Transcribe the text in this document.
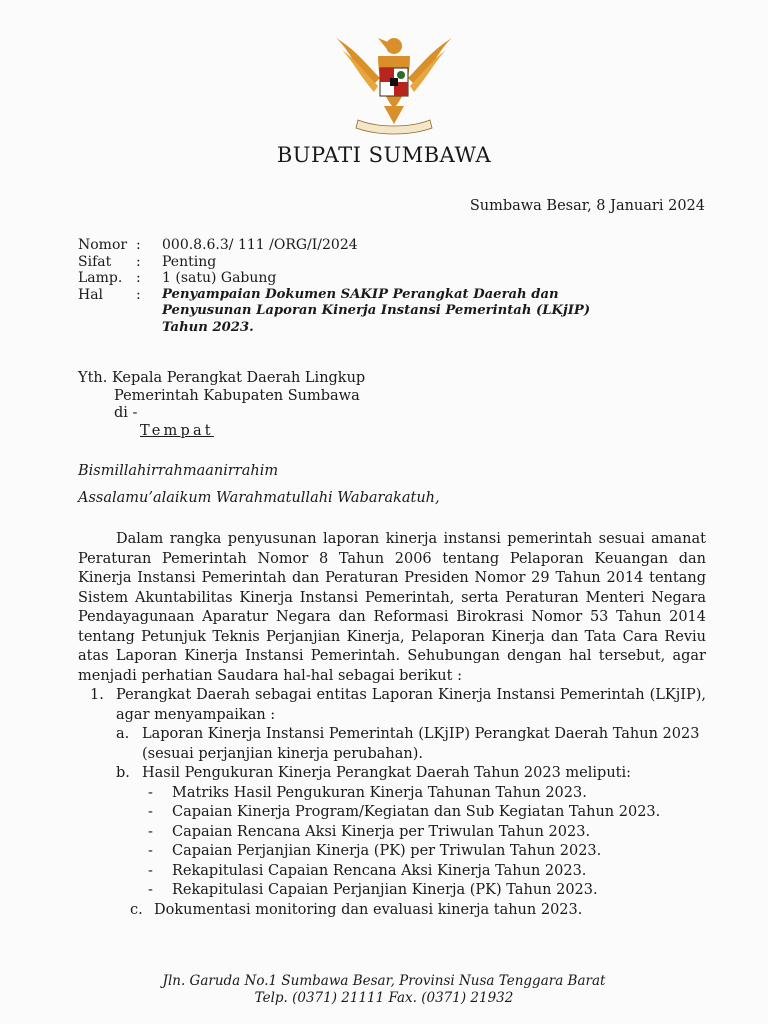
BUPATI SUMBAWA
Sumbawa Besar, 8 Januari 2024
Nomor :	000.8.6.3/ 111 /ORG/I/2024
Sifat	:	Penting
Lamp. :	1 (satu) Gabung
Hal	:	Penyampaian Dokumen SAKIP Perangkat Daerah dan Penyusunan Laporan Kinerja Instansi Pemerintah (LKjIP) Tahun 2023.
Yth. Kepala Perangkat Daerah Lingkup
Pemerintah Kabupaten Sumbawa
di -
Tempat
Bismillahirrahmaanirrahim
Assalamu’alaikum Warahmatullahi Wabarakatuh,

Dalam rangka penyusunan laporan kinerja instansi pemerintah sesuai amanat Peraturan Pemerintah Nomor 8 Tahun 2006 tentang Pelaporan Keuangan dan Kinerja Instansi Pemerintah dan Peraturan Presiden Nomor 29 Tahun 2014 tentang Sistem Akuntabilitas Kinerja Instansi Pemerintah, serta Peraturan Menteri Negara Pendayagunaan Aparatur Negara dan Reformasi Birokrasi Nomor 53 Tahun 2014 tentang Petunjuk Teknis Perjanjian Kinerja, Pelaporan Kinerja dan Tata Cara Reviu atas Laporan Kinerja Instansi Pemerintah. Sehubungan dengan hal tersebut, agar menjadi perhatian Saudara hal-hal sebagai berikut :

1. Perangkat Daerah sebagai entitas Laporan Kinerja Instansi Pemerintah (LKjIP), agar menyampaikan :
a. Laporan Kinerja Instansi Pemerintah (LKjIP) Perangkat Daerah Tahun 2023 (sesuai perjanjian kinerja perubahan).
b. Hasil Pengukuran Kinerja Perangkat Daerah Tahun 2023 meliputi:
-	Matriks Hasil Pengukuran Kinerja Tahunan Tahun 2023.
-	Capaian Kinerja Program/Kegiatan dan Sub Kegiatan Tahun 2023.
-	Capaian Rencana Aksi Kinerja per Triwulan Tahun 2023.
-	Capaian Perjanjian Kinerja (PK) per Triwulan Tahun 2023.
-	Rekapitulasi Capaian Rencana Aksi Kinerja Tahun 2023.
-	Rekapitulasi Capaian Perjanjian Kinerja (PK) Tahun 2023.
c. Dokumentasi monitoring dan evaluasi kinerja tahun 2023.
Jln. Garuda No.1 Sumbawa Besar, Provinsi Nusa Tenggara Barat
Telp. (0371) 21111 Fax. (0371) 21932
